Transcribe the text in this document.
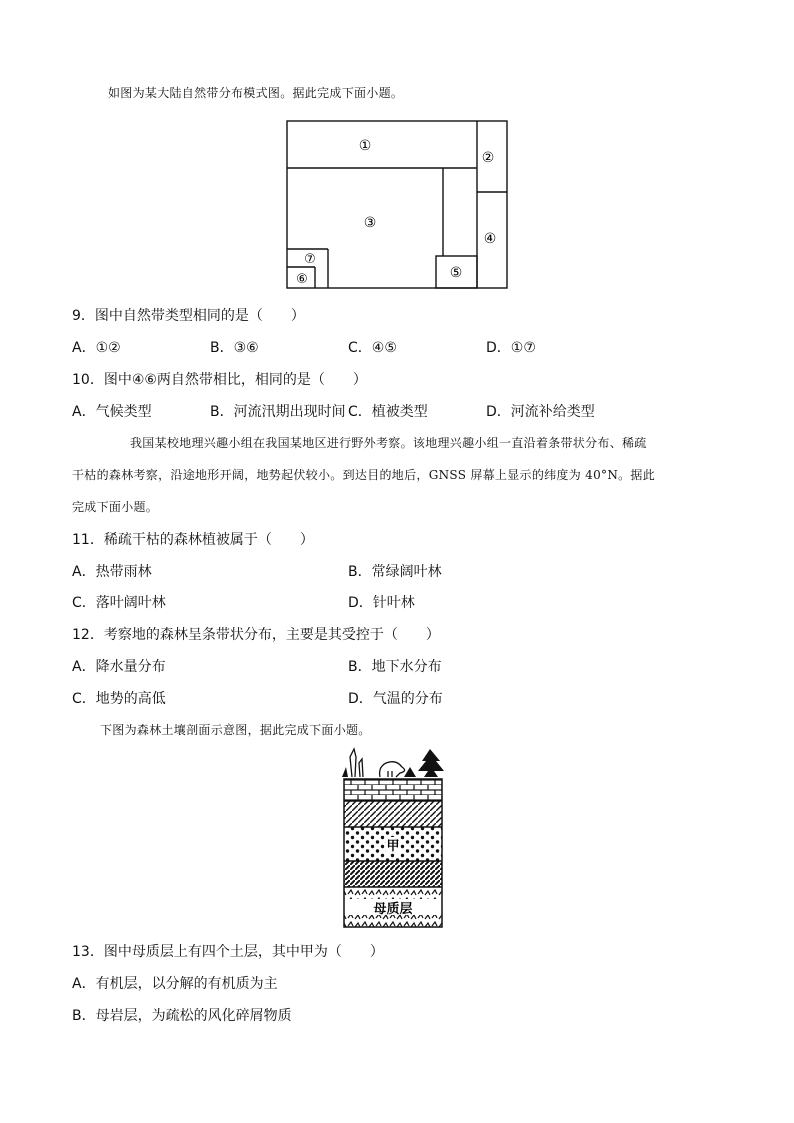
如图为某大陆自然带分布模式图。据此完成下面小题。
①
②
③
④
⑤
⑥
⑦
9．图中自然带类型相同的是（　　）
A．①②	B．③⑥	C．④⑤	D．①⑦
10．图中④⑥两自然带相比，相同的是（　　）
A．气候类型	B．河流汛期出现时间 C．植被类型	D．河流补给类型
我国某校地理兴趣小组在我国某地区进行野外考察。该地理兴趣小组一直沿着条带状分布、稀疏
干枯的森林考察，沿途地形开阔，地势起伏较小。到达目的地后，GNSS 屏幕上显示的纬度为 40°N。据此
完成下面小题。
11．稀疏干枯的森林植被属于（　　）
A．热带雨林	B．常绿阔叶林
C．落叶阔叶林	D．针叶林
12．考察地的森林呈条带状分布，主要是其受控于（　　）
A．降水量分布	B．地下水分布
C．地势的高低	D．气温的分布
下图为森林土壤剖面示意图，据此完成下面小题。
甲
母质层
13．图中母质层上有四个土层，其中甲为（　　）
A．有机层，以分解的有机质为主
B．母岩层，为疏松的风化碎屑物质
